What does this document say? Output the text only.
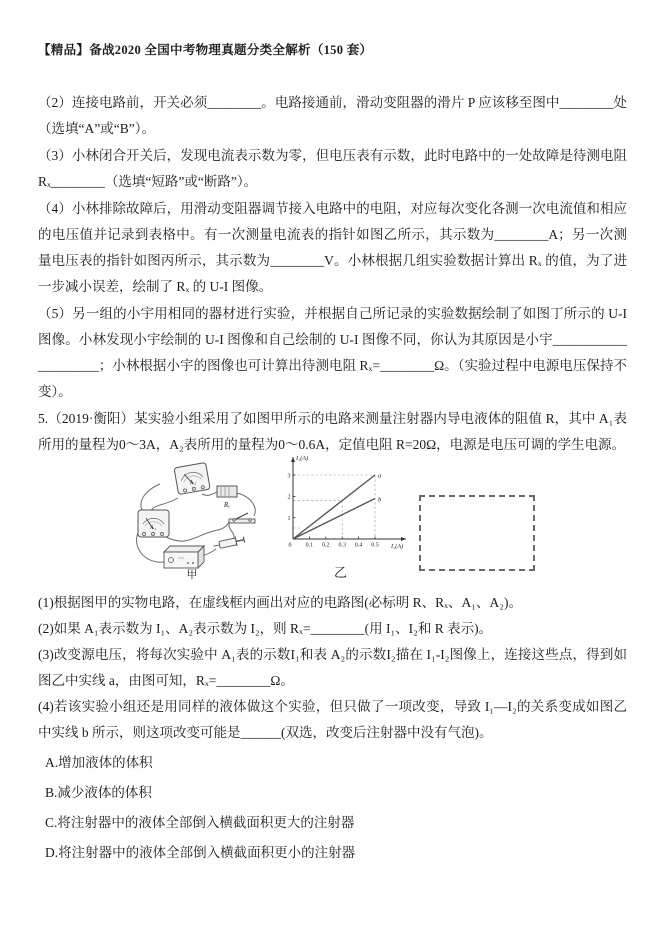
【精品】备战2020 全国中考物理真题分类全解析（150 套）

（2）连接电路前，开关必须________。电路接通前，滑动变阻器的滑片 P 应该移至图中________处（选填“A”或“B”）。

（3）小林闭合开关后，发现电流表示数为零，但电压表有示数，此时电路中的一处故障是待测电阻 Rₓ________（选填“短路”或“断路”）。

（4）小林排除故障后，用滑动变阻器调节接入电路中的电阻，对应每次变化各测一次电流值和相应的电压值并记录到表格中。有一次测量电流表的指针如图乙所示，其示数为________A；另一次测量电压表的指针如图丙所示，其示数为________V。小林根据几组实验数据计算出 Rₓ 的值，为了进一步减小误差，绘制了 Rₓ 的 U-I 图像。

（5）另一组的小宇用相同的器材进行实验，并根据自己所记录的实验数据绘制了如图丁所示的 U-I 图像。小林发现小宇绘制的 U-I 图像和自己绘制的 U-I 图像不同，你认为其原因是小宇____________________；小林根据小宇的图像也可计算出待测电阻 Rₓ=________Ω。（实验过程中电源电压保持不变）。

5.（2019·衡阳）某实验小组采用了如图甲所示的电路来测量注射器内导电液体的阻值 R，其中 A₁表所用的量程为0～3A，A₂表所用的量程为0～0.6A，定值电阻 R=20Ω，电源是电压可调的学生电源。

A₂
A₁
Rₓ
甲
a
b
0.1 0.2 0.3 0.4 0.5
1
2
3
0
I₁(A)
I₂(A)
乙

(1)根据图甲的实物电路，在虚线框内画出对应的电路图(必标明 R、Rₓ、A₁、A₂)。

(2)如果 A₁表示数为 I₁、A₂表示数为 I₂，则 Rₓ=________(用 I₁、I₂和 R 表示)。

(3)改变源电压，将每次实验中 A₁表的示数I₁和表 A₂的示数I₂描在 I₁-I₂图像上，连接这些点，得到如图乙中实线 a，由图可知，Rₓ=________Ω。

(4)若该实验小组还是用同样的液体做这个实验，但只做了一项改变，导致 I₁—I₂的关系变成如图乙中实线 b 所示，则这项改变可能是______(双选，改变后注射器中没有气泡)。

A.增加液体的体积

B.减少液体的体积

C.将注射器中的液体全部倒入横截面积更大的注射器

D.将注射器中的液体全部倒入横截面积更小的注射器
